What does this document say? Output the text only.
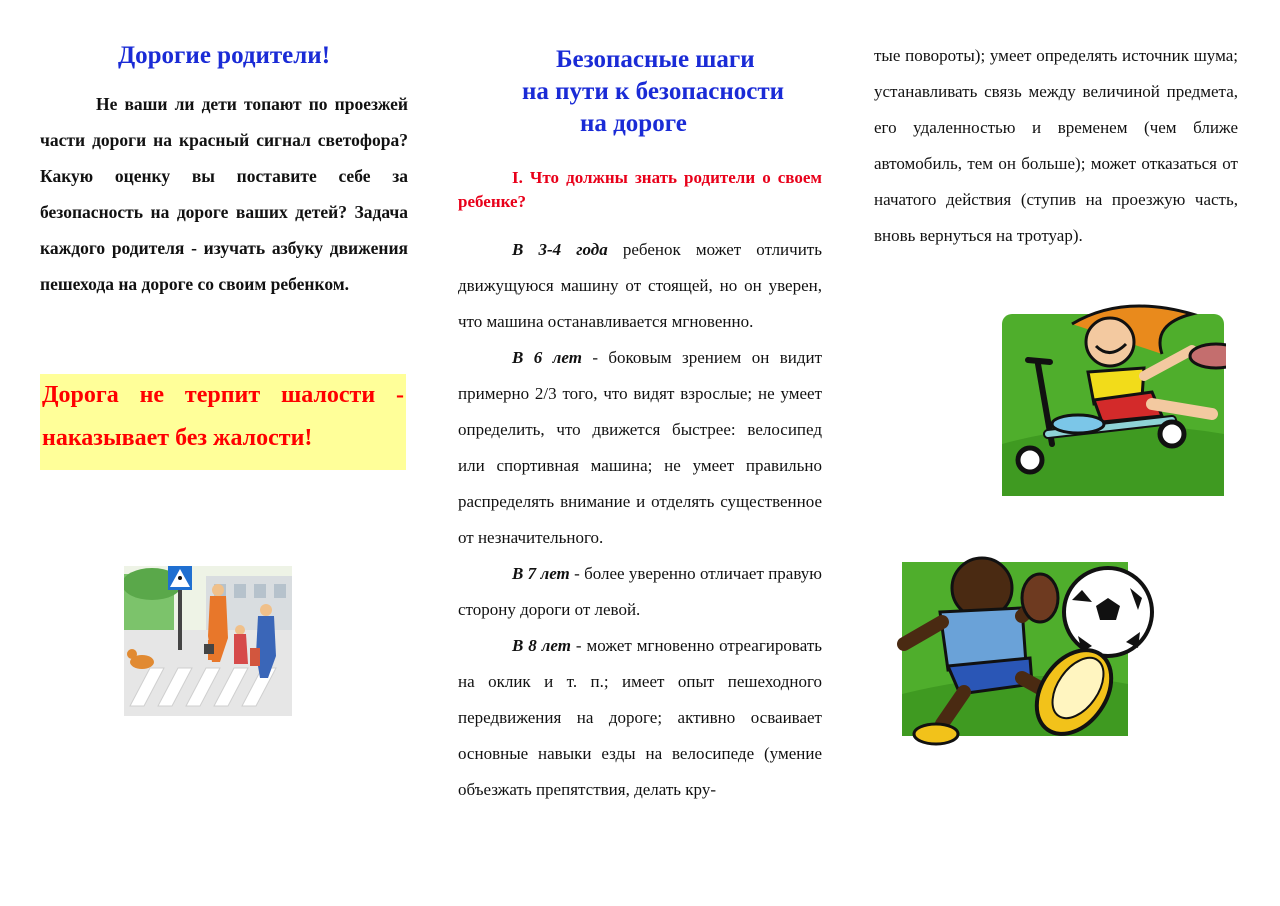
Дорогие родители!

Не ваши ли дети топают по проезжей части дороги на красный сигнал светофора? Какую оценку вы поставите себе за безопасность на дороге ваших детей? Задача каждого родителя - изучать азбуку движения пешехода на дороге со своим ребенком.

Дорога не терпит шалости - наказывает без жалости!

Безопасные шаги
на пути к безопасности
на дороге

I. Что должны знать родители о своем ребенке?

В 3-4 года ребенок может отличить движущуюся машину от стоящей, но он уверен, что машина останавливается мгновенно.

В 6 лет - боковым зрением он видит примерно 2/3 того, что видят взрослые; не умеет определить, что движется быстрее: велосипед или спортивная машина; не умеет правильно распределять внимание и отделять существенное от незначительного.

В 7 лет - более уверенно отличает правую сторону дороги от левой.

В 8 лет - может мгновенно отреагировать на оклик и т. п.; имеет опыт пешеходного передвижения на дороге; активно осваивает основные навыки езды на велосипеде (умение объезжать препятствия, делать кру-

тые повороты); умеет определять источник шума; устанавливать связь между величиной предмета, его удаленностью и временем (чем ближе автомобиль, тем он больше); может отказаться от начатого действия (ступив на проезжую часть, вновь вернуться на тротуар).
